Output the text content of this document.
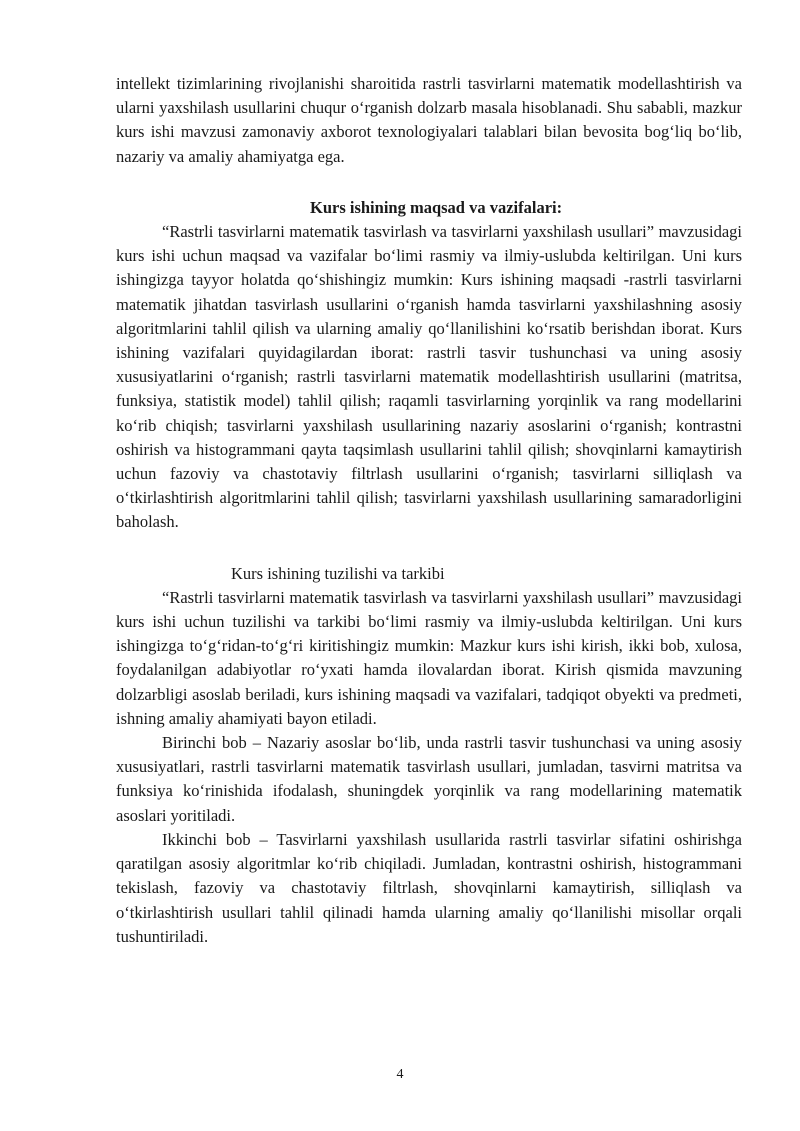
intellekt tizimlarining rivojlanishi sharoitida rastrli tasvirlarni matematik modellashtirish va ularni yaxshilash usullarini chuqur o‘rganish dolzarb masala hisoblanadi. Shu sababli, mazkur kurs ishi mavzusi zamonaviy axborot texnologiyalari talablari bilan bevosita bog‘liq bo‘lib, nazariy va amaliy ahamiyatga ega.

Kurs ishining maqsad va vazifalari:

“Rastrli tasvirlarni matematik tasvirlash va tasvirlarni yaxshilash usullari” mavzusidagi kurs ishi uchun maqsad va vazifalar bo‘limi rasmiy va ilmiy-uslubda keltirilgan. Uni kurs ishingizga tayyor holatda qo‘shishingiz mumkin: Kurs ishining maqsadi -rastrli tasvirlarni matematik jihatdan tasvirlash usullarini o‘rganish hamda tasvirlarni yaxshilashning asosiy algoritmlarini tahlil qilish va ularning amaliy qo‘llanilishini ko‘rsatib berishdan iborat. Kurs ishining vazifalari quyidagilardan iborat: rastrli tasvir tushunchasi va uning asosiy xususiyatlarini o‘rganish; rastrli tasvirlarni matematik modellashtirish usullarini (matritsa, funksiya, statistik model) tahlil qilish; raqamli tasvirlarning yorqinlik va rang modellarini ko‘rib chiqish; tasvirlarni yaxshilash usullarining nazariy asoslarini o‘rganish; kontrastni oshirish va histogrammani qayta taqsimlash usullarini tahlil qilish; shovqinlarni kamaytirish uchun fazoviy va chastotaviy filtrlash usullarini o‘rganish; tasvirlarni silliqlash va o‘tkirlashtirish algoritmlarini tahlil qilish; tasvirlarni yaxshilash usullarining samaradorligini baholash.

Kurs ishining tuzilishi va tarkibi

“Rastrli tasvirlarni matematik tasvirlash va tasvirlarni yaxshilash usullari” mavzusidagi kurs ishi uchun tuzilishi va tarkibi bo‘limi rasmiy va ilmiy-uslubda keltirilgan. Uni kurs ishingizga to‘g‘ridan-to‘g‘ri kiritishingiz mumkin: Mazkur kurs ishi kirish, ikki bob, xulosa, foydalanilgan adabiyotlar ro‘yxati hamda ilovalardan iborat. Kirish qismida mavzuning dolzarbligi asoslab beriladi, kurs ishining maqsadi va vazifalari, tadqiqot obyekti va predmeti, ishning amaliy ahamiyati bayon etiladi.

Birinchi bob – Nazariy asoslar bo‘lib, unda rastrli tasvir tushunchasi va uning asosiy xususiyatlari, rastrli tasvirlarni matematik tasvirlash usullari, jumladan, tasvirni matritsa va funksiya ko‘rinishida ifodalash, shuningdek yorqinlik va rang modellarining matematik asoslari yoritiladi.

Ikkinchi bob – Tasvirlarni yaxshilash usullarida rastrli tasvirlar sifatini oshirishga qaratilgan asosiy algoritmlar ko‘rib chiqiladi. Jumladan, kontrastni oshirish, histogrammani tekislash, fazoviy va chastotaviy filtrlash, shovqinlarni kamaytirish, silliqlash va o‘tkirlashtirish usullari tahlil qilinadi hamda ularning amaliy qo‘llanilishi misollar orqali tushuntiriladi.

4
